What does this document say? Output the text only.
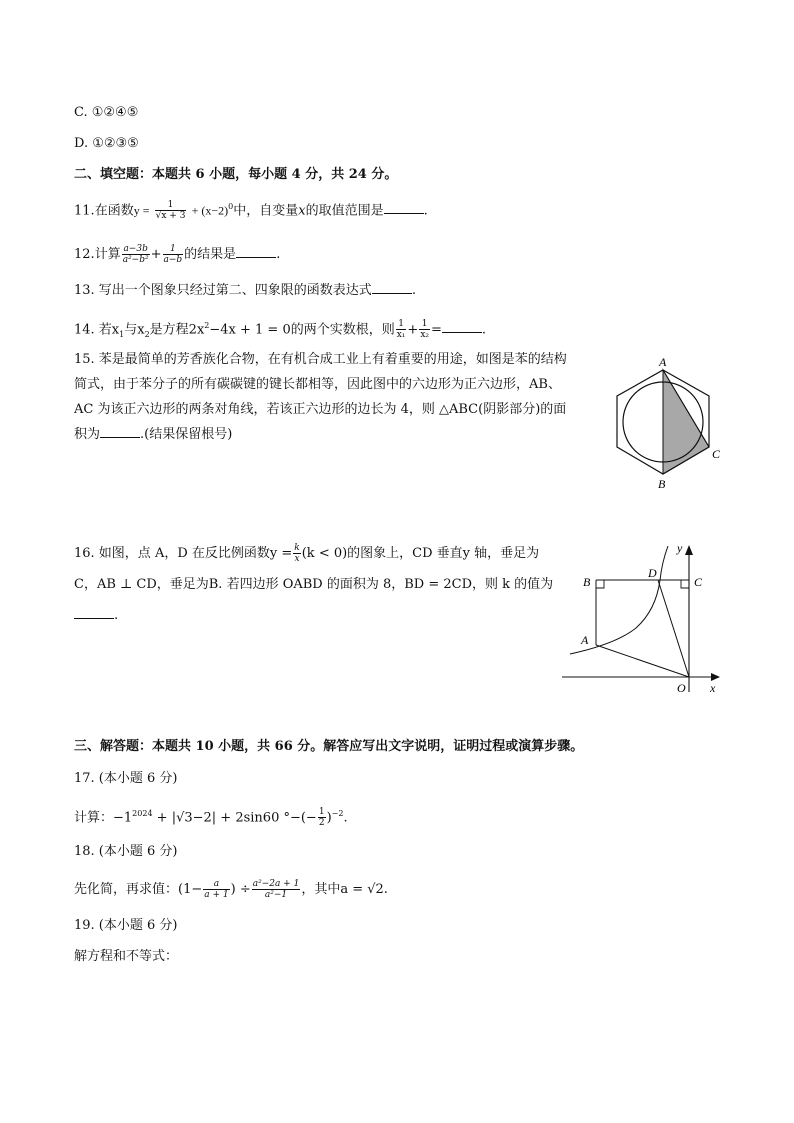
C. ①②④⑤
D. ①②③⑤
二、填空题：本题共 6 小题，每小题 4 分，共 24 分。
11.在函数$y = \frac{1}{√x + 3} + (x-2)^0$中，自变量x的取值范围是	.
12.计算 $\frac{a-3b}{\text{a²−b²}} + \frac{1}{a-b}$ 的结果是	.
13. 写出一个图象只经过第二、四象限的函数表达式	.
14. 若$x_1$与$x_2$是方程$2x^2-4x + 1 = 0$的两个实数根，则 $\frac{1}{\text{x₁}} + \frac{1}{\text{x₂}}$ =	.
15. 苯是最简单的芳香族化合物，在有机合成工业上有着重要的用途，如图是苯的结构
简式，由于苯分子的所有碳碳键的键长都相等，因此图中的六边形为正六边形，AB、
AC 为该正六边形的两条对角线，若该正六边形的边长为 4，则 △ABC(阴影部分)的面
积为	.(结果保留根号)
A
B
C
16. 如图，点 A，D 在反比例函数$y = \frac{k}{x} (k < 0)$的图象上，CD 垂直y 轴，垂足为
C，AB ⊥ CD，垂足为B. 若四边形 OABD 的面积为 8，BD = 2CD，则 k 的值为
.
y
x
O
B
D
C
A
三、解答题：本题共 10 小题，共 66 分。解答应写出文字说明，证明过程或演算步骤。
17. (本小题 6 分)
计算：$-1^{2024} + |√3-2| + 2\sin 60$ °−(− $\frac{1}{2} )^{-2}$.
18. (本小题 6 分)
先化简，再求值：($1- \frac{a}{a + 1}$ ) ÷ $\frac{\text{a²−2a + 1}}{\text{a²−1}}$ ，其中a = √2.
19. (本小题 6 分)
解方程和不等式：
